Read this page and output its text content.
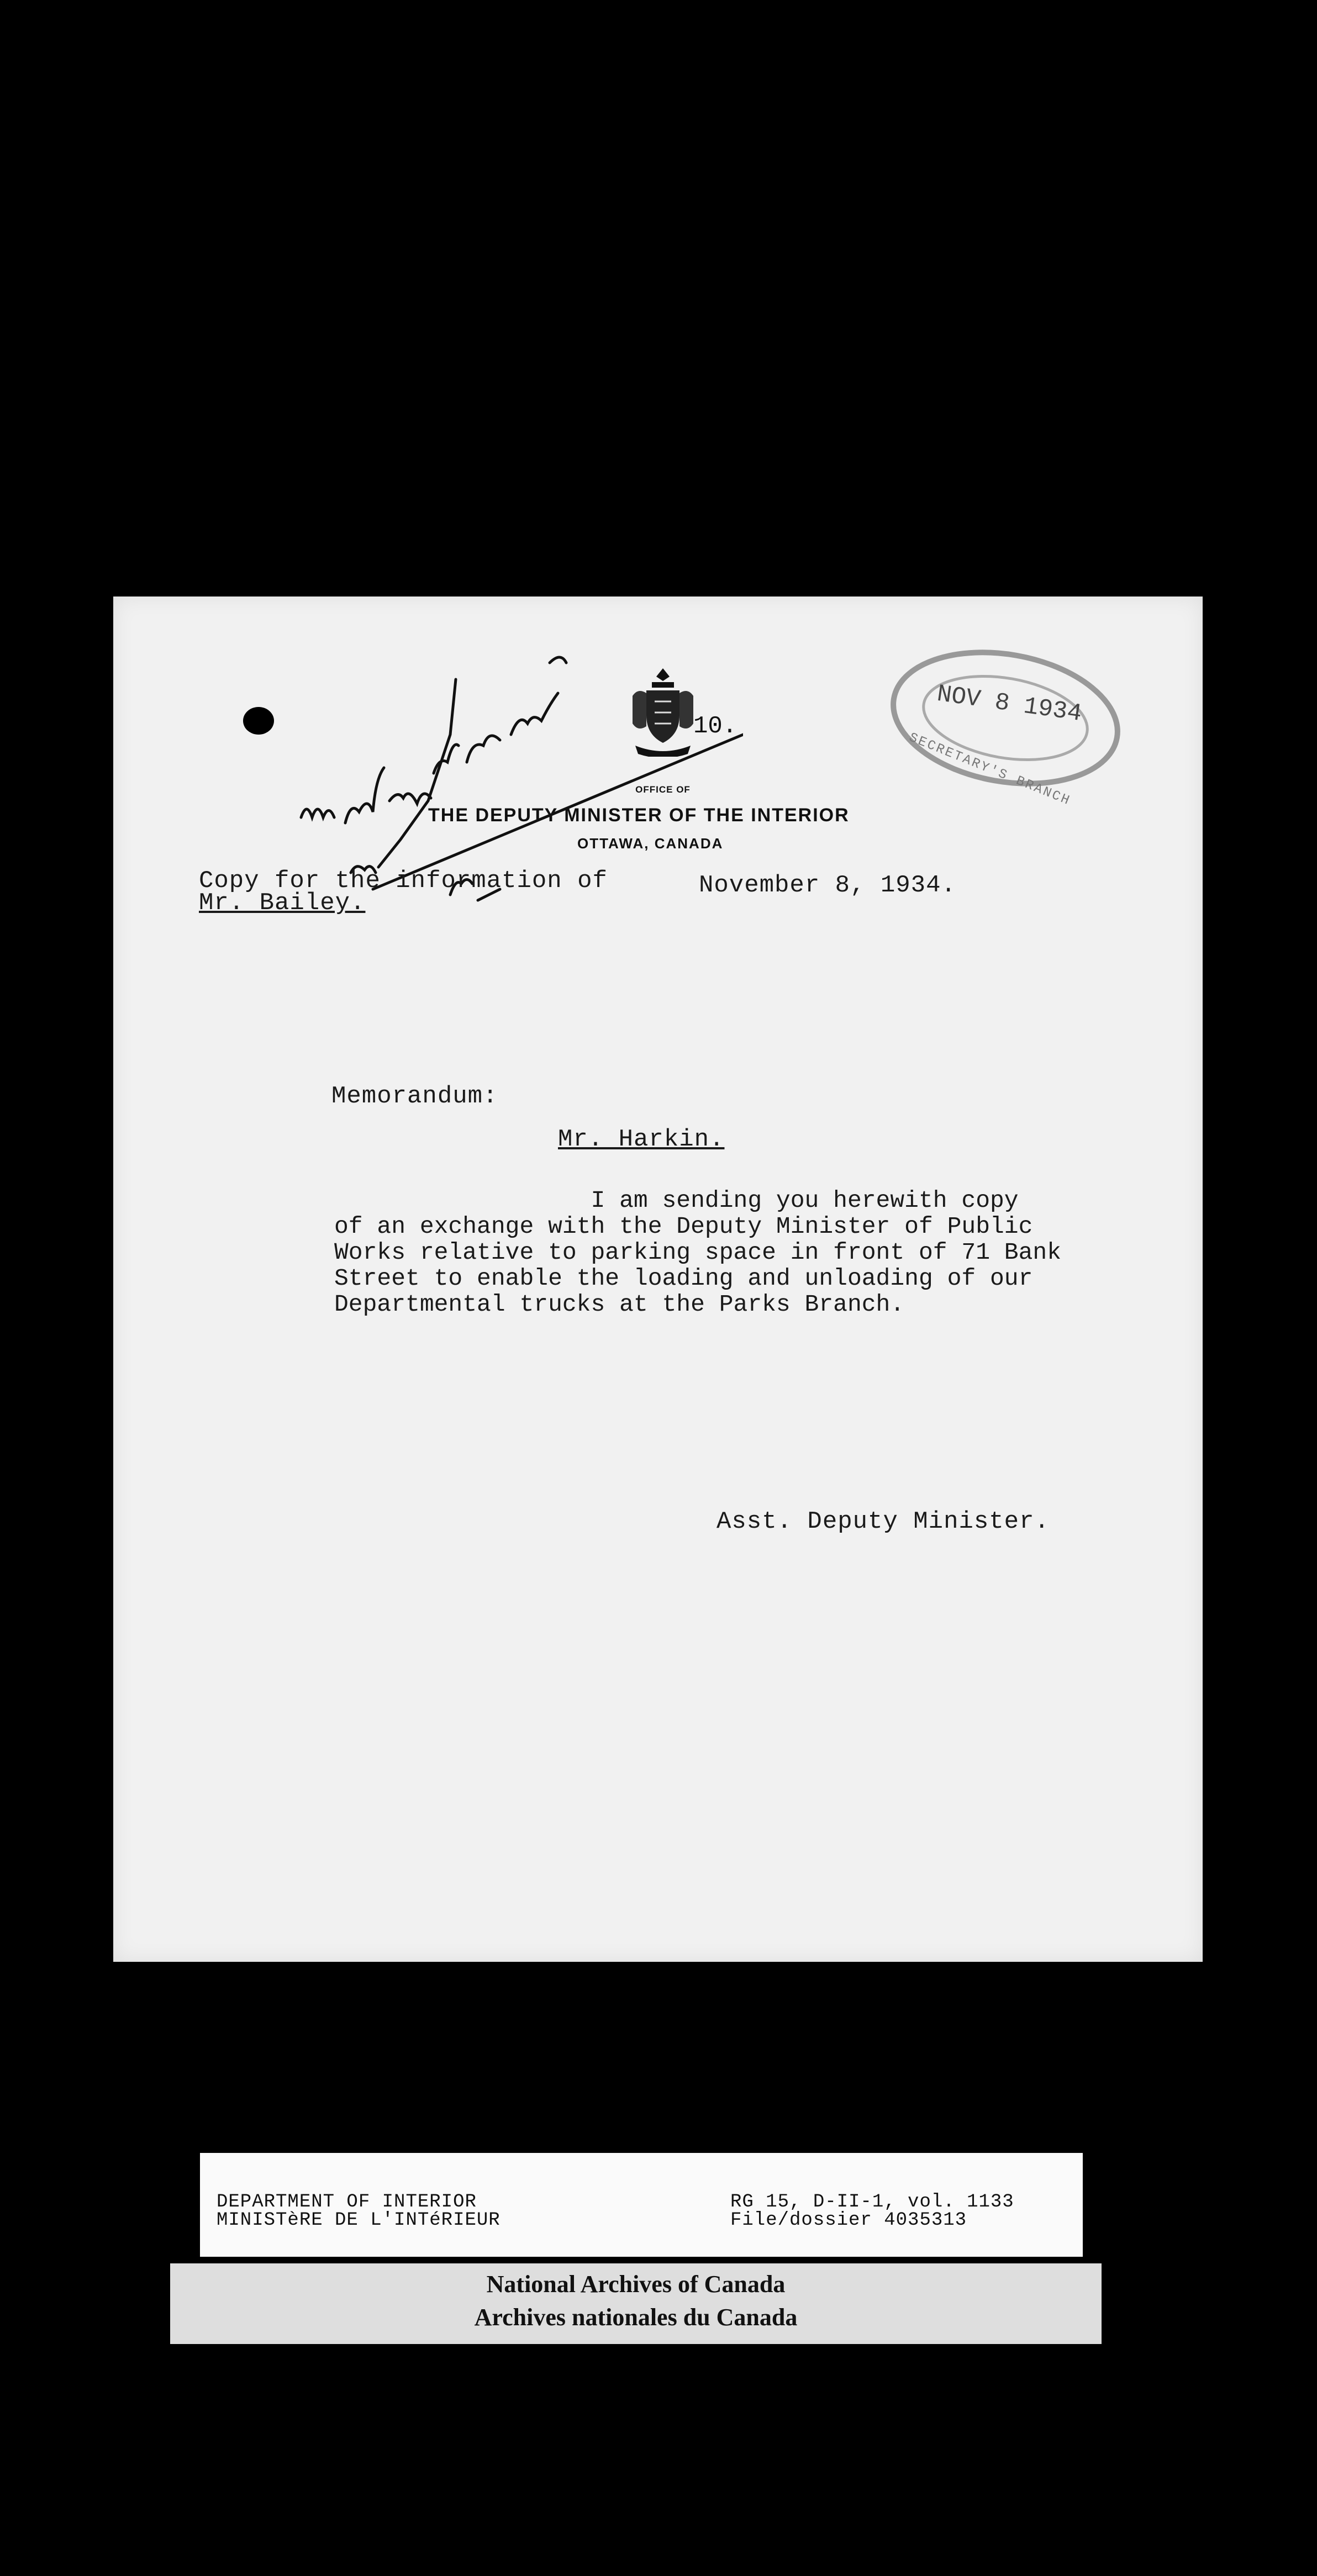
10.
OFFICE OF
THE DEPUTY MINISTER OF THE INTERIOR
OTTAWA, CANADA
NOV 8 1934
SECRETARY'S BRANCH
Copy for the information of
Mr. Bailey.
November 8, 1934.
Memorandum:
Mr. Harkin.
I am sending you herewith copy
of an exchange with the Deputy Minister of Public
Works relative to parking space in front of 71 Bank
Street to enable the loading and unloading of our
Departmental trucks at the Parks Branch.
Asst. Deputy Minister.
DEPARTMENT OF INTERIOR
MINISTèRE DE L'INTéRIEUR
RG 15, D-II-1, vol. 1133
File/dossier 4035313
National Archives of Canada
Archives nationales du Canada
